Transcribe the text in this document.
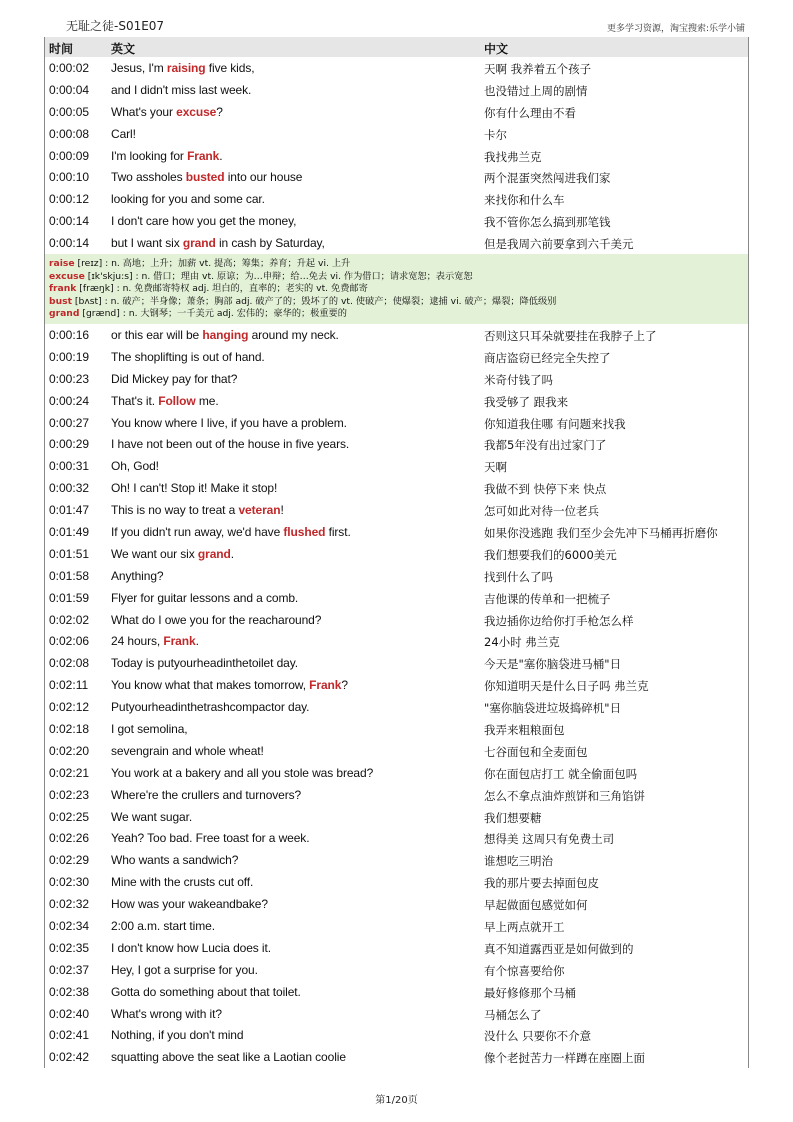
无耻之徒-S01E07	更多学习资源，淘宝搜索:乐学小铺
时间	英文	中文
0:00:02 Jesus, I'm raising five kids,	天啊 我养着五个孩子
0:00:04 and I didn't miss last week.	也没错过上周的剧情
0:00:05 What's your excuse?	你有什么理由不看
0:00:08 Carl!	卡尔
0:00:09 I'm looking for Frank.	我找弗兰克
0:00:10 Two assholes busted into our house	两个混蛋突然闯进我们家
0:00:12 looking for you and some car.	来找你和什么车
0:00:14 I don't care how you get the money,	我不管你怎么搞到那笔钱
0:00:14 but I want six grand in cash by Saturday,	但是我周六前要拿到六千美元
raise [reɪz] : n. 高地；上升；加薪 vt. 提高；筹集；养育；升起 vi. 上升
excuse [ɪk'skju:s] : n. 借口；理由 vt. 原谅；为…申辩；给…免去 vi. 作为借口；请求宽恕；表示宽恕
frank [fræŋk] : n. 免费邮寄特权 adj. 坦白的，直率的；老实的 vt. 免费邮寄
bust [bʌst] : n. 破产；半身像；萧条；胸部 adj. 破产了的；毁坏了的 vt. 使破产；使爆裂；逮捕 vi. 破产；爆裂；降低级别
grand [grænd] : n. 大钢琴；一千美元 adj. 宏伟的；豪华的；极重要的
0:00:16 or this ear will be hanging around my neck.	否则这只耳朵就要挂在我脖子上了
0:00:19 The shoplifting is out of hand.	商店盗窃已经完全失控了
0:00:23 Did Mickey pay for that?	米奇付钱了吗
0:00:24 That's it. Follow me.	我受够了 跟我来
0:00:27 You know where I live, if you have a problem.	你知道我住哪 有问题来找我
0:00:29 I have not been out of the house in five years.	我都5年没有出过家门了
0:00:31 Oh, God!	天啊
0:00:32 Oh! I can't! Stop it! Make it stop!	我做不到 快停下来 快点
0:01:47 This is no way to treat a veteran!	怎可如此对待一位老兵
0:01:49 If you didn't run away, we'd have flushed first.	如果你没逃跑 我们至少会先冲下马桶再折磨你
0:01:51 We want our six grand.	我们想要我们的6000美元
0:01:58 Anything?	找到什么了吗
0:01:59 Flyer for guitar lessons and a comb.	吉他课的传单和一把梳子
0:02:02 What do I owe you for the reacharound?	我边插你边给你打手枪怎么样
0:02:06 24 hours, Frank.	24小时 弗兰克
0:02:08 Today is putyourheadinthetoilet day.	今天是"塞你脑袋进马桶"日
0:02:11 You know what that makes tomorrow, Frank?	你知道明天是什么日子吗 弗兰克
0:02:12 Putyourheadinthetrashcompactor day.	"塞你脑袋进垃圾捣碎机"日
0:02:18 I got semolina,	我弄来粗粮面包
0:02:20 sevengrain and whole wheat!	七谷面包和全麦面包
0:02:21 You work at a bakery and all you stole was bread?	你在面包店打工 就全偷面包吗
0:02:23 Where're the crullers and turnovers?	怎么不拿点油炸煎饼和三角馅饼
0:02:25 We want sugar.	我们想要糖
0:02:26 Yeah? Too bad. Free toast for a week.	想得美 这周只有免费土司
0:02:29 Who wants a sandwich?	谁想吃三明治
0:02:30 Mine with the crusts cut off.	我的那片要去掉面包皮
0:02:32 How was your wakeandbake?	早起做面包感觉如何
0:02:34 2:00 a.m. start time.	早上两点就开工
0:02:35 I don't know how Lucia does it.	真不知道露西亚是如何做到的
0:02:37 Hey, I got a surprise for you.	有个惊喜要给你
0:02:38 Gotta do something about that toilet.	最好修修那个马桶
0:02:40 What's wrong with it?	马桶怎么了
0:02:41 Nothing, if you don't mind	没什么 只要你不介意
0:02:42 squatting above the seat like a Laotian coolie	像个老挝苦力一样蹲在座圈上面
第1/20页
